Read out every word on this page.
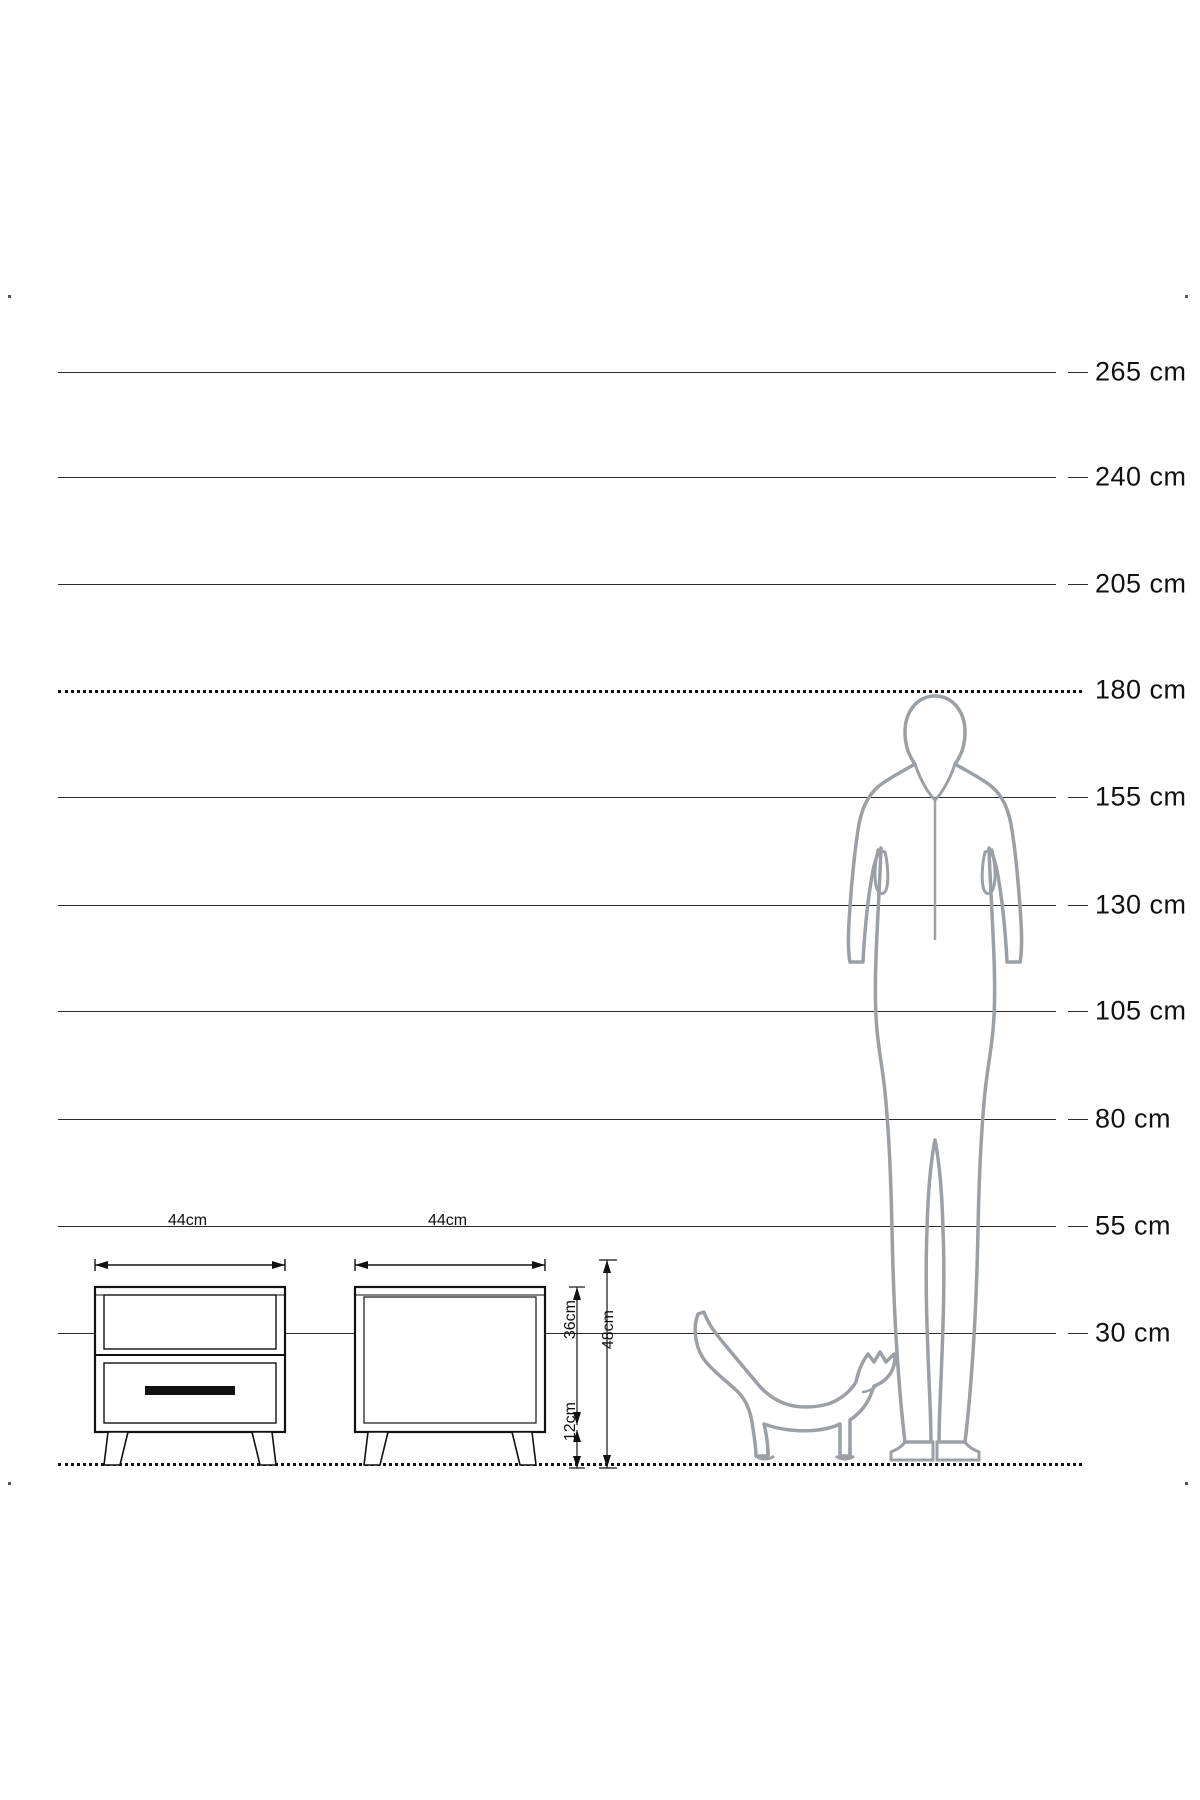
265 cm
240 cm
205 cm
180 cm
155 cm
130 cm
105 cm
80 cm
55 cm
30 cm
44cm	44cm
36cm
12cm
48cm
